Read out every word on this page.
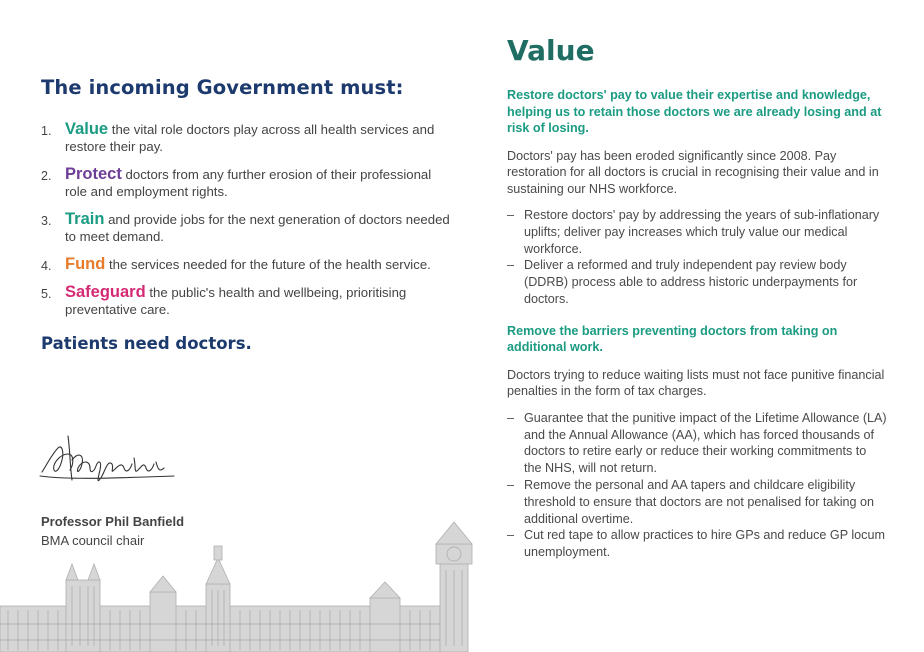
The incoming Government must:
1. Value the vital role doctors play across all health services and restore their pay.
2. Protect doctors from any further erosion of their professional role and employment rights.
3. Train and provide jobs for the next generation of doctors needed to meet demand.
4. Fund the services needed for the future of the health service.
5. Safeguard the public's health and wellbeing, prioritising preventative care.
Patients need doctors.
Professor Phil Banfield
BMA council chair
Value

Restore doctors' pay to value their expertise and knowledge, helping us to retain those doctors we are already losing and at risk of losing.

Doctors' pay has been eroded significantly since 2008. Pay restoration for all doctors is crucial in recognising their value and in sustaining our NHS workforce.

– Restore doctors' pay by addressing the years of sub-inflationary uplifts; deliver pay increases which truly value our medical workforce.
– Deliver a reformed and truly independent pay review body (DDRB) process able to address historic underpayments for doctors.

Remove the barriers preventing doctors from taking on additional work.

Doctors trying to reduce waiting lists must not face punitive financial penalties in the form of tax charges.

– Guarantee that the punitive impact of the Lifetime Allowance (LA) and the Annual Allowance (AA), which has forced thousands of doctors to retire early or reduce their working commitments to the NHS, will not return.
– Remove the personal and AA tapers and childcare eligibility threshold to ensure that doctors are not penalised for taking on additional overtime.
– Cut red tape to allow practices to hire GPs and reduce GP locum unemployment.
